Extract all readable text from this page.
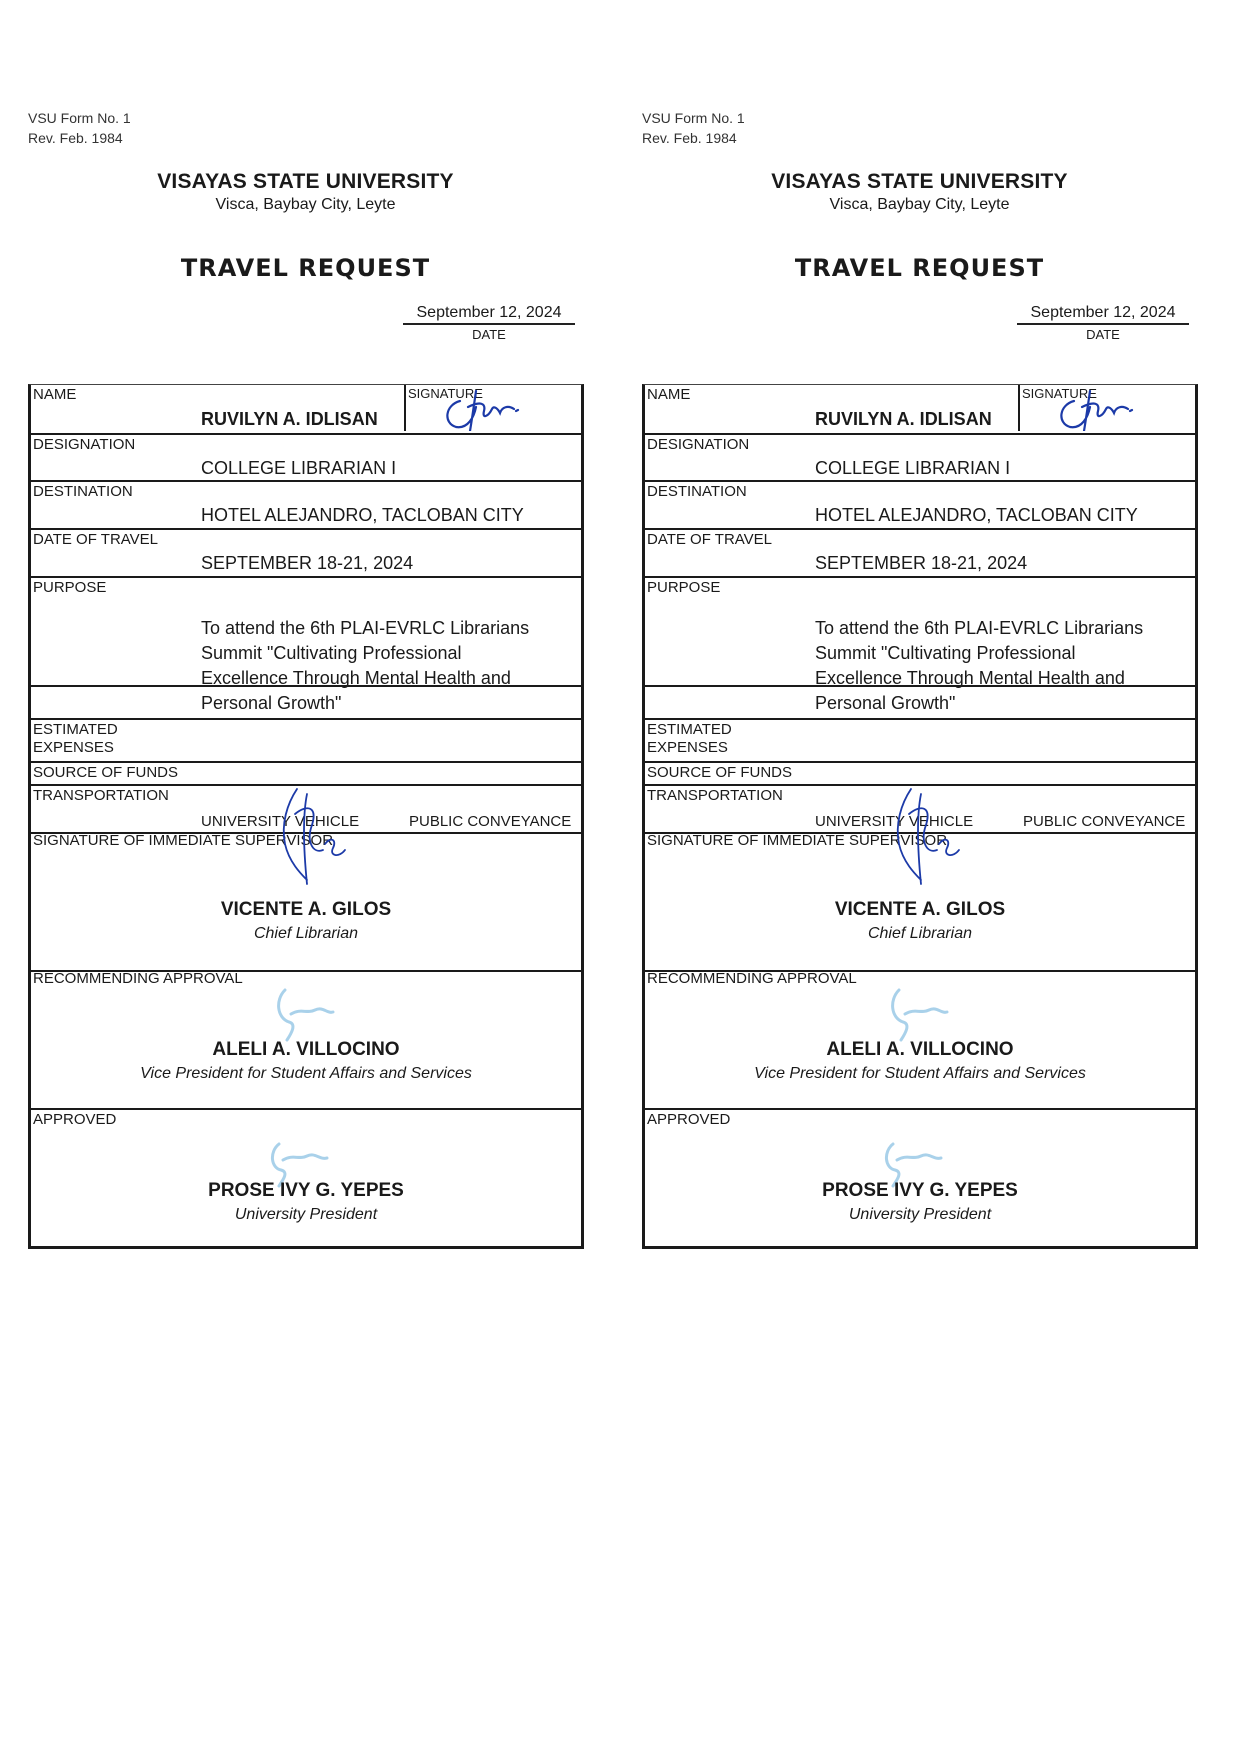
VSU Form No. 1
Rev. Feb. 1984
VISAYAS STATE UNIVERSITY
Visca, Baybay City, Leyte
TRAVEL REQUEST
September 12, 2024
DATE
NAME
RUVILYN A. IDLISAN
SIGNATURE
DESIGNATION
COLLEGE LIBRARIAN I
DESTINATION
HOTEL ALEJANDRO, TACLOBAN CITY
DATE OF TRAVEL
SEPTEMBER 18-21, 2024
PURPOSE
To attend the 6th PLAI-EVRLC Librarians
Summit "Cultivating Professional
Excellence Through Mental Health and
Personal Growth"
ESTIMATED EXPENSES
SOURCE OF FUNDS
TRANSPORTATION
UNIVERSITY VEHICLE	PUBLIC CONVEYANCE
SIGNATURE OF IMMEDIATE SUPERVISOR
VICENTE A. GILOS
Chief Librarian
RECOMMENDING APPROVAL
ALELI A. VILLOCINO
Vice President for Student Affairs and Services
APPROVED
PROSE IVY G. YEPES
University President
VSU Form No. 1
Rev. Feb. 1984
VISAYAS STATE UNIVERSITY
Visca, Baybay City, Leyte
TRAVEL REQUEST
September 12, 2024
DATE
NAME
RUVILYN A. IDLISAN
SIGNATURE
DESIGNATION
COLLEGE LIBRARIAN I
DESTINATION
HOTEL ALEJANDRO, TACLOBAN CITY
DATE OF TRAVEL
SEPTEMBER 18-21, 2024
PURPOSE
To attend the 6th PLAI-EVRLC Librarians
Summit "Cultivating Professional
Excellence Through Mental Health and
Personal Growth"
ESTIMATED EXPENSES
SOURCE OF FUNDS
TRANSPORTATION
UNIVERSITY VEHICLE	PUBLIC CONVEYANCE
SIGNATURE OF IMMEDIATE SUPERVISOR
VICENTE A. GILOS
Chief Librarian
RECOMMENDING APPROVAL
ALELI A. VILLOCINO
Vice President for Student Affairs and Services
APPROVED
PROSE IVY G. YEPES
University President
